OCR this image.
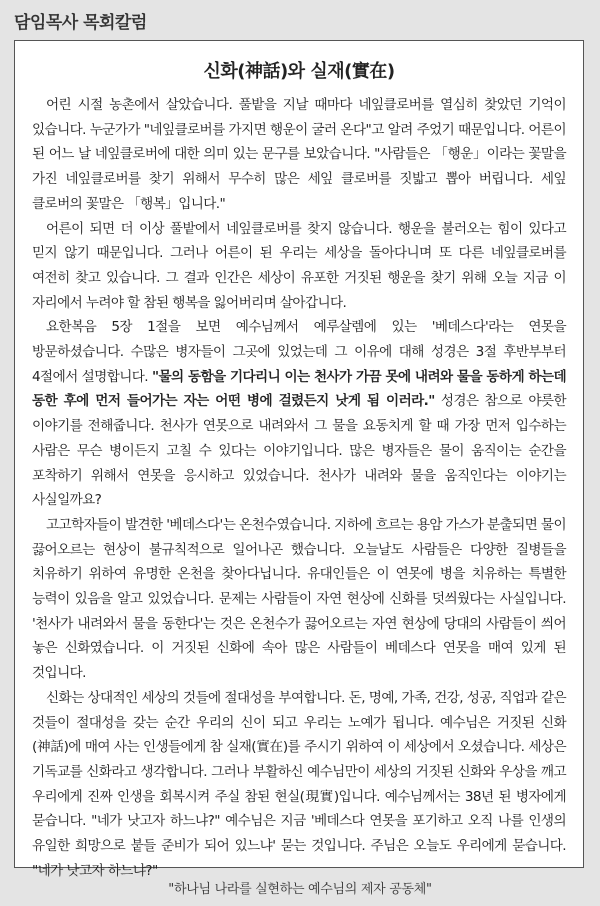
담임목사 목회칼럼
신화(神話)와 실재(實在)

어린 시절 농촌에서 살았습니다. 풀밭을 지날 때마다 네잎클로버를 열심히 찾았던 기억이 있습니다. 누군가가 "네잎클로버를 가지면 행운이 굴러 온다"고 알려 주었기 때문입니다. 어른이 된 어느 날 네잎클로버에 대한 의미 있는 문구를 보았습니다. "사람들은 「행운」이라는 꽃말을 가진 네잎클로버를 찾기 위해서 무수히 많은 세잎 클로버를 짓밟고 뽑아 버립니다. 세잎 클로버의 꽃말은 「행복」입니다."

어른이 되면 더 이상 풀밭에서 네잎클로버를 찾지 않습니다. 행운을 불러오는 힘이 있다고 믿지 않기 때문입니다. 그러나 어른이 된 우리는 세상을 돌아다니며 또 다른 네잎클로버를 여전히 찾고 있습니다. 그 결과 인간은 세상이 유포한 거짓된 행운을 찾기 위해 오늘 지금 이 자리에서 누려야 할 참된 행복을 잃어버리며 살아갑니다.

요한복음 5장 1절을 보면 예수님께서 예루살렘에 있는 '베데스다'라는 연못을 방문하셨습니다. 수많은 병자들이 그곳에 있었는데 그 이유에 대해 성경은 3절 후반부부터 4절에서 설명합니다. "물의 동함을 기다리니 이는 천사가 가끔 못에 내려와 물을 동하게 하는데 동한 후에 먼저 들어가는 자는 어떤 병에 걸렸든지 낫게 됨 이러라." 성경은 참으로 야릇한 이야기를 전해줍니다. 천사가 연못으로 내려와서 그 물을 요동치게 할 때 가장 먼저 입수하는 사람은 무슨 병이든지 고칠 수 있다는 이야기입니다. 많은 병자들은 물이 움직이는 순간을 포착하기 위해서 연못을 응시하고 있었습니다. 천사가 내려와 물을 움직인다는 이야기는 사실일까요?

고고학자들이 발견한 '베데스다'는 온천수였습니다. 지하에 흐르는 용암 가스가 분출되면 물이 끓어오르는 현상이 불규칙적으로 일어나곤 했습니다. 오늘날도 사람들은 다양한 질병들을 치유하기 위하여 유명한 온천을 찾아다닙니다. 유대인들은 이 연못에 병을 치유하는 특별한 능력이 있음을 알고 있었습니다. 문제는 사람들이 자연 현상에 신화를 덧씌웠다는 사실입니다. '천사가 내려와서 물을 동한다'는 것은 온천수가 끓어오르는 자연 현상에 당대의 사람들이 씌어 놓은 신화였습니다. 이 거짓된 신화에 속아 많은 사람들이 베데스다 연못을 매여 있게 된 것입니다.

신화는 상대적인 세상의 것들에 절대성을 부여합니다. 돈, 명예, 가족, 건강, 성공, 직업과 같은 것들이 절대성을 갖는 순간 우리의 신이 되고 우리는 노예가 됩니다. 예수님은 거짓된 신화(神話)에 매여 사는 인생들에게 참 실재(實在)를 주시기 위하여 이 세상에서 오셨습니다. 세상은 기독교를 신화라고 생각합니다. 그러나 부활하신 예수님만이 세상의 거짓된 신화와 우상을 깨고 우리에게 진짜 인생을 회복시켜 주실 참된 현실(現實)입니다. 예수님께서는 38년 된 병자에게 묻습니다. "네가 낫고자 하느냐?" 예수님은 지금 '베데스다 연못을 포기하고 오직 나를 인생의 유일한 희망으로 붙들 준비가 되어 있느냐' 묻는 것입니다. 주님은 오늘도 우리에게 묻습니다. "네가 낫고자 하느냐?"

"하나님 나라를 실현하는 예수님의 제자 공동체"
